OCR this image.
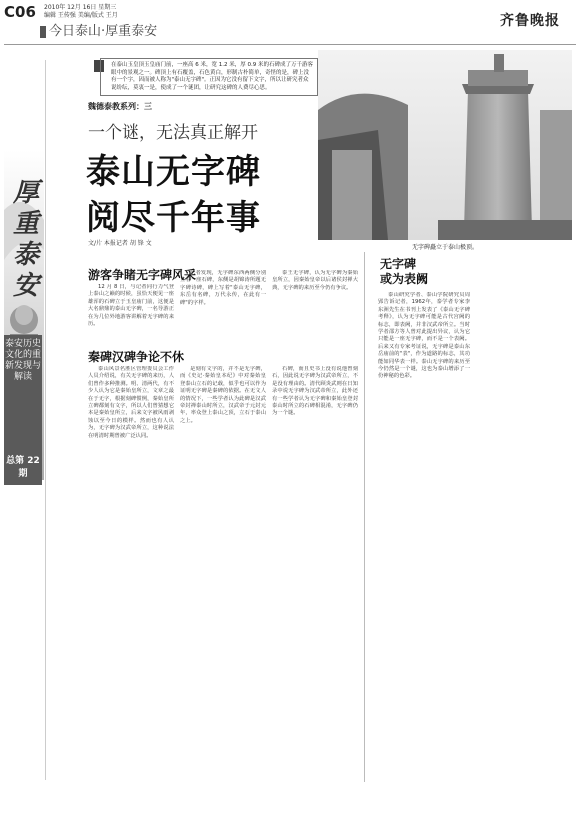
C06 2010年 12月 16日 星期三
编辑 王传强 美编/版式 王月
$^{今日泰山\cdot 厚重泰安}$
齐鲁晚报
厚重泰安
泰安历史文化的重新发现与解读
总第 22 期
在泰山玉皇顶玉皇庙门前，一座高 6 米，宽 1.2 米，厚 0.9 米的石碑成了万千游客眼中的景观之一。碑顶上有石覆盖，石色黄白，形制古朴简单，奇怪的是，碑上没有一个字，因而被人称为"泰山无字碑"。正因为它没有留下文字，所以让研究者众说纷纭，莫衷一是，使成了一个谜团，让研究这碑的人费尽心思。
魏德泰教系列：三
一个谜，无法真正解开
泰山无字碑
阅尽千年事
文/片 本报记者 胡 锋 文
无字碑矗立于泰山极顶。
游客争睹无字碑风采
12 月 8 日，与记者同行力气登上泰山之巅的时候，虽恰天便见一座雄浑的石碑立于玉皇庙门前，这便是大名鼎鼎的泰山无字碑，一名导游正在为几位外地游客讲解着无字碑的来历。
记者发现，无字碑东西两侧分别立着一座石碑，东侧是胡锦涛所题无字碑诗碑，碑上写着"泰山无字碑，东岳有名碑，万代永传，在此有一碑"的字样。
泰王无字碑，认为无字碑为秦始皇所立，因秦始皇帝以后诸侯封禅大典，无字碑的来历至今仍有争议。
秦碑汉碑争论不休
泰山风景名胜区管理委员会工作人员介绍说，有关无字碑的来历，人们曾作多种推测。明、清两代，有不少人认为它是秦始皇所立，文章之最在于无字，根据刻碑惯例，秦始皇所立碑都刻有文字，所以人们曾猜想它本是秦始皇所立，后来文字被风雨剥蚀以至今日的模样。然而也有人认为，无字碑为汉武帝所立，这种说法在明清时期曾被广泛认同。
是刻有文字的，并不是无字碑，而《史记·秦始皇本纪》中对秦始皇登泰山立石的记载，似乎也可以作为证明无字碑是秦碑的依据。在无文人的情况下，一些学者认为此碑是汉武帝封禅泰山时所立，汉武帝于元封元年，率众登上泰山之顶，立石于泰山之上。
石碑，而且史书上没有说他曾刻石，因此说无字碑为汉武帝所立，不是没有理由的。清代顾炎武则在日知录中说无字碑为汉武帝所立，此外还有一些学者认为无字碑和秦始皇登封泰山时所立的石碑相混淆，无字碑仍为一个谜。
无字碑
或为表阙
泰山研究学者、泰山学院研究员周郢告诉记者，1962年，泰学者专家李东洲先生在书刊上发表了《泰山无字碑考释》，认为无字碑可能是古代宫阙的标志，即表阙，并非汉武帝所立。当时学者邵方等人曾对此提出异议，认为它只能是一座无字碑，而不是一个表阙。后来又有专家考证说，无字碑是泰山东岳庙前的"表"，作为道路的标志，其功能如同华表一样。泰山无字碑的来历至今仍然是一个谜，这也为泰山增添了一份神秘的色彩。
